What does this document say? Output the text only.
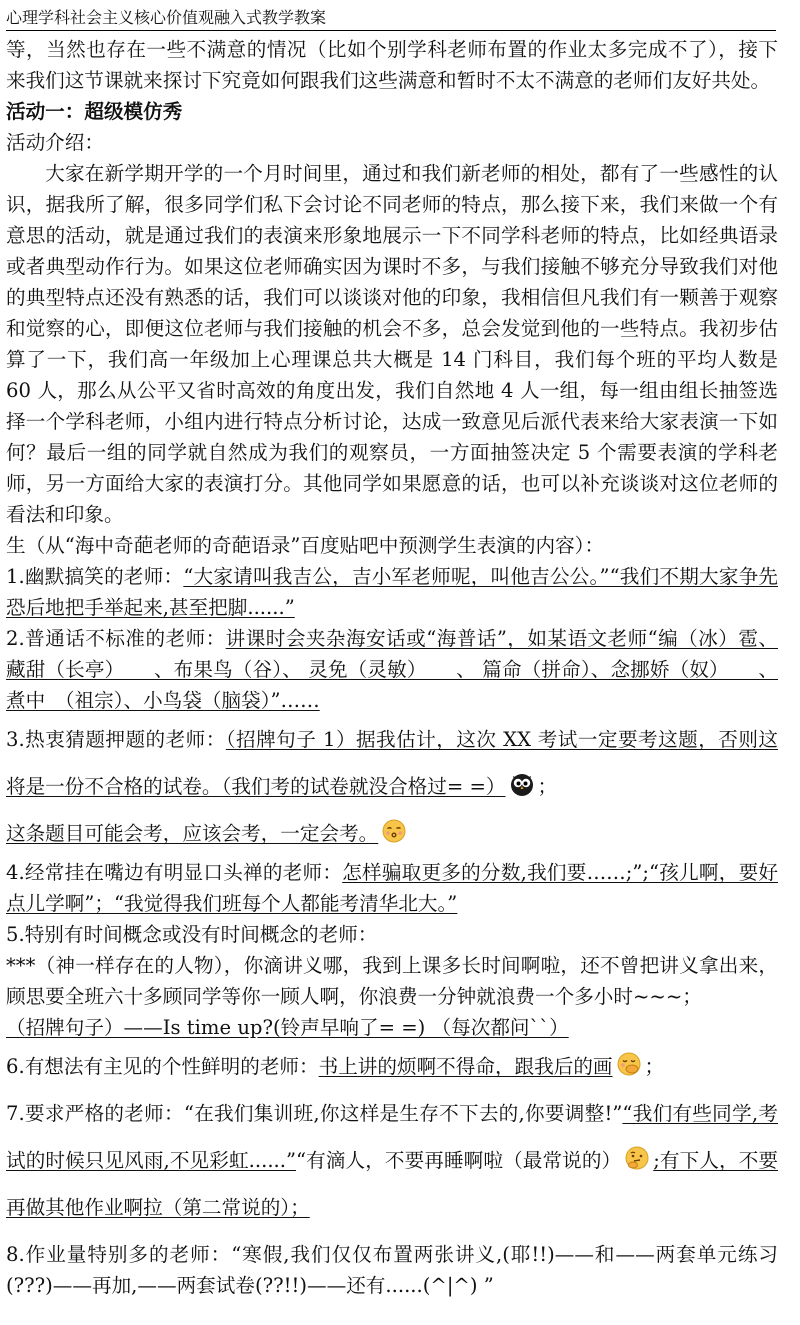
心理学科社会主义核心价值观融入式教学教案

等，当然也存在一些不满意的情况（比如个别学科老师布置的作业太多完成不了），接下来我们这节课就来探讨下究竟如何跟我们这些满意和暂时不太不满意的老师们友好共处。

活动一：超级模仿秀

活动介绍：

大家在新学期开学的一个月时间里，通过和我们新老师的相处，都有了一些感性的认识，据我所了解，很多同学们私下会讨论不同老师的特点，那么接下来，我们来做一个有意思的活动，就是通过我们的表演来形象地展示一下不同学科老师的特点，比如经典语录或者典型动作行为。如果这位老师确实因为课时不多，与我们接触不够充分导致我们对他的典型特点还没有熟悉的话，我们可以谈谈对他的印象，我相信但凡我们有一颗善于观察和觉察的心，即便这位老师与我们接触的机会不多，总会发觉到他的一些特点。我初步估算了一下，我们高一年级加上心理课总共大概是 14 门科目，我们每个班的平均人数是 60 人，那么从公平又省时高效的角度出发，我们自然地 4 人一组，每一组由组长抽签选择一个学科老师，小组内进行特点分析讨论，达成一致意见后派代表来给大家表演一下如何？最后一组的同学就自然成为我们的观察员，一方面抽签决定 5 个需要表演的学科老师，另一方面给大家的表演打分。其他同学如果愿意的话，也可以补充谈谈对这位老师的看法和印象。

生（从“海中奇葩老师的奇葩语录”百度贴吧中预测学生表演的内容）：

1.幽默搞笑的老师：“大家请叫我吉公，吉小军老师呢，叫他吉公公。”“我们不期大家争先恐后地把手举起来,甚至把脚......”

2.普通话不标准的老师：讲课时会夹杂海安话或“海普话”，如某语文老师“编（冰）雹、藏甜（长亭）　　、布果鸟（谷）、 灵免（灵敏）　　、 篇命（拼命）、念挪娇（奴）　　、煮中　（祖宗）、小鸟袋（脑袋）”……

3.热衷猜题押题的老师：（招牌句子 1）据我估计，这次 XX 考试一定要考这题，否则这将是一份不合格的试卷。（我们考的试卷就没合格过= =） ；
这条题目可能会考，应该会考，一定会考。

4.经常挂在嘴边有明显口头禅的老师：怎样骗取更多的分数,我们要……;”;“孩儿啊，要好点儿学啊”；“我觉得我们班每个人都能考清华北大。”

5.特别有时间概念或没有时间概念的老师：
***（神一样存在的人物），你滴讲义哪，我到上课多长时间啊啦，还不曾把讲义拿出来，顾思要全班六十多顾同学等你一顾人啊，你浪费一分钟就浪费一个多小时~~~；
（招牌句子）——Is time up?(铃声早响了= =) （每次都问``）

6.有想法有主见的个性鲜明的老师：书上讲的烦啊不得命，跟我后的画 ；

7.要求严格的老师：“在我们集训班,你这样是生存不下去的,你要调整!”“我们有些同学,考试的时候只见风雨,不见彩虹......”“有滴人，不要再睡啊啦（最常说的） ;有下人，不要再做其他作业啊拉（第二常说的）；

8.作业量特别多的老师：“寒假,我们仅仅布置两张讲义,(耶!!)——和——两套单元练习(???)——再加,——两套试卷(??!!)——还有......(^|^) ”
